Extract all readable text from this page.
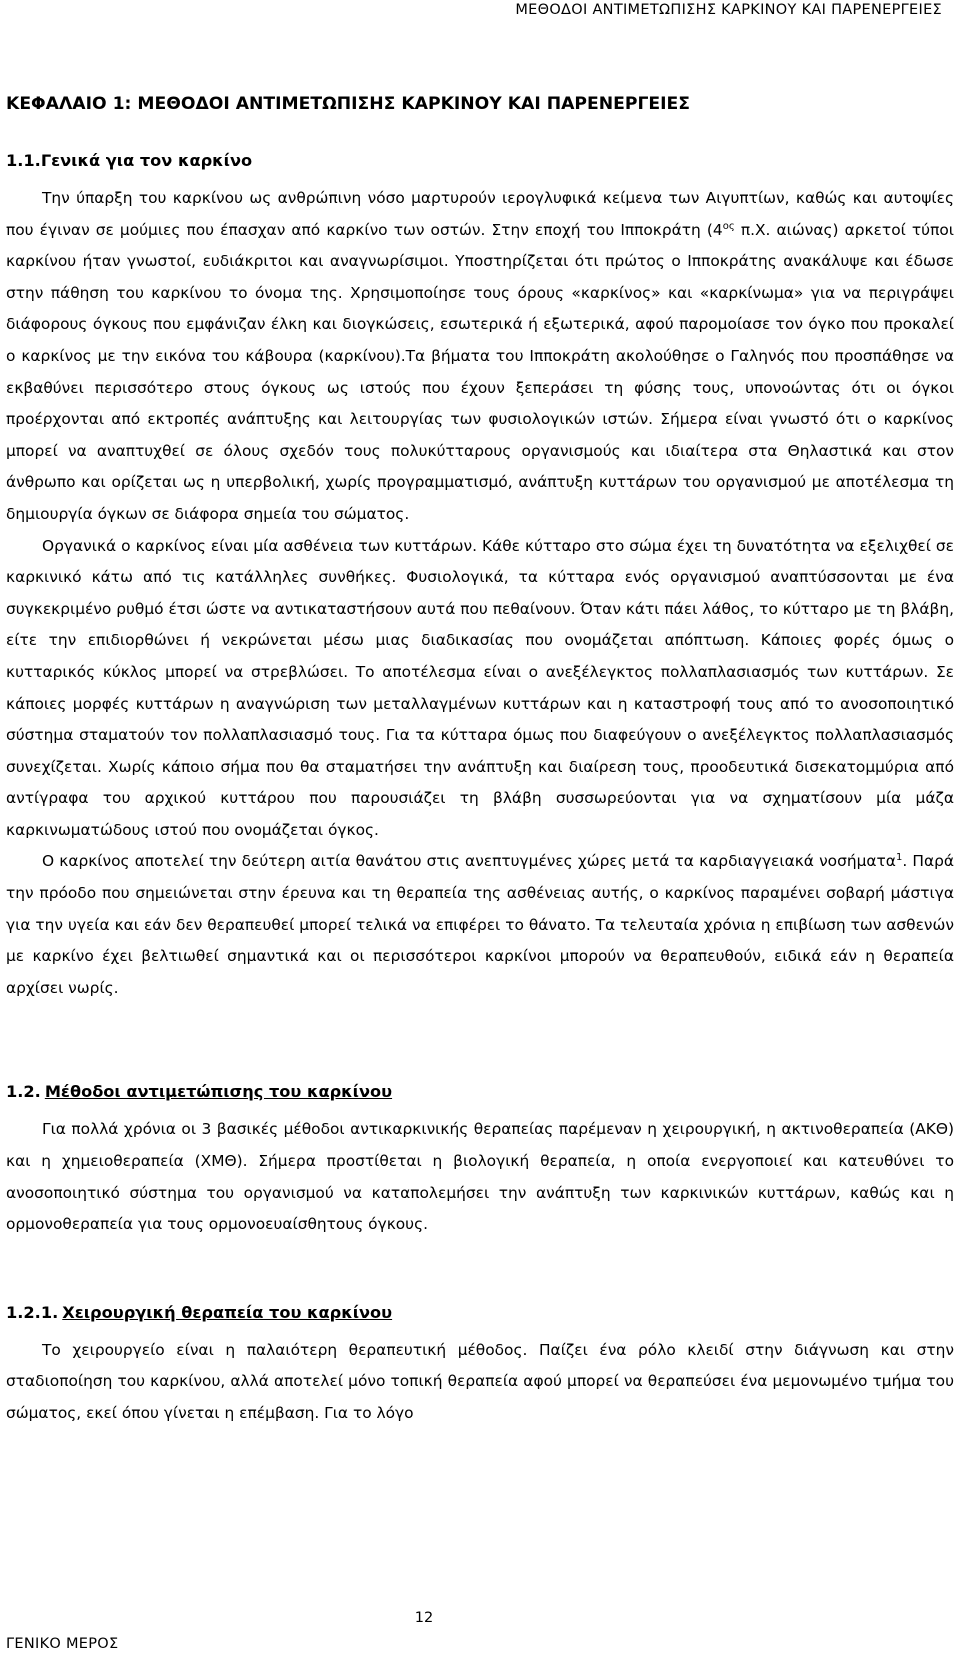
ΜΕΘΟΔΟΙ ΑΝΤΙΜΕΤΩΠΙΣΗΣ ΚΑΡΚΙΝΟΥ ΚΑΙ ΠΑΡΕΝΕΡΓΕΙΕΣ
ΚΕΦΑΛΑΙΟ 1: ΜΕΘΟΔΟΙ ΑΝΤΙΜΕΤΩΠΙΣΗΣ ΚΑΡΚΙΝΟΥ ΚΑΙ ΠΑΡΕΝΕΡΓΕΙΕΣ
1.1.Γενικά για τον καρκίνο

Την ύπαρξη του καρκίνου ως ανθρώπινη νόσο μαρτυρούν ιερογλυφικά κείμενα των Αιγυπτίων, καθώς και αυτοψίες που έγιναν σε μούμιες που έπασχαν από καρκίνο των οστών. Στην εποχή του Ιπποκράτη ($4^{o\varsigma}$ π.Χ. αιώνας) αρκετοί τύποι καρκίνου ήταν γνωστοί, ευδιάκριτοι και αναγνωρίσιμοι. Υποστηρίζεται ότι πρώτος ο Ιπποκράτης ανακάλυψε και έδωσε στην πάθηση του καρκίνου το όνομα της. Χρησιμοποίησε τους όρους «καρκίνος» και «καρκίνωμα» για να περιγράψει διάφορους όγκους που εμφάνιζαν έλκη και διογκώσεις, εσωτερικά ή εξωτερικά, αφού παρομοίασε τον όγκο που προκαλεί ο καρκίνος με την εικόνα του κάβουρα (καρκίνου).Τα βήματα του Ιπποκράτη ακολούθησε ο Γαληνός που προσπάθησε να εκβαθύνει περισσότερο στους όγκους ως ιστούς που έχουν ξεπεράσει τη φύσης τους, υπονοώντας ότι οι όγκοι προέρχονται από εκτροπές ανάπτυξης και λειτουργίας των φυσιολογικών ιστών. Σήμερα είναι γνωστό ότι ο καρκίνος μπορεί να αναπτυχθεί σε όλους σχεδόν τους πολυκύτταρους οργανισμούς και ιδιαίτερα στα Θηλαστικά και στον άνθρωπο και ορίζεται ως η υπερβολική, χωρίς προγραμματισμό, ανάπτυξη κυττάρων του οργανισμού με αποτέλεσμα τη δημιουργία όγκων σε διάφορα σημεία του σώματος.

Οργανικά ο καρκίνος είναι μία ασθένεια των κυττάρων. Κάθε κύτταρο στο σώμα έχει τη δυνατότητα να εξελιχθεί σε καρκινικό κάτω από τις κατάλληλες συνθήκες. Φυσιολογικά, τα κύτταρα ενός οργανισμού αναπτύσσονται με ένα συγκεκριμένο ρυθμό έτσι ώστε να αντικαταστήσουν αυτά που πεθαίνουν. Όταν κάτι πάει λάθος, το κύτταρο με τη βλάβη, είτε την επιδιορθώνει ή νεκρώνεται μέσω μιας διαδικασίας που ονομάζεται απόπτωση. Κάποιες φορές όμως ο κυτταρικός κύκλος μπορεί να στρεβλώσει. Το αποτέλεσμα είναι ο ανεξέλεγκτος πολλαπλασιασμός των κυττάρων. Σε κάποιες μορφές κυττάρων η αναγνώριση των μεταλλαγμένων κυττάρων και η καταστροφή τους από το ανοσοποιητικό σύστημα σταματούν τον πολλαπλασιασμό τους. Για τα κύτταρα όμως που διαφεύγουν ο ανεξέλεγκτος πολλαπλασιασμός συνεχίζεται. Χωρίς κάποιο σήμα που θα σταματήσει την ανάπτυξη και διαίρεση τους, προοδευτικά δισεκατομμύρια από αντίγραφα του αρχικού κυττάρου που παρουσιάζει τη βλάβη συσσωρεύονται για να σχηματίσουν μία μάζα καρκινωματώδους ιστού που ονομάζεται όγκος.

Ο καρκίνος αποτελεί την δεύτερη αιτία θανάτου στις ανεπτυγμένες χώρες μετά τα καρδιαγγειακά νοσήματα$^1$. Παρά την πρόοδο που σημειώνεται στην έρευνα και τη θεραπεία της ασθένειας αυτής, ο καρκίνος παραμένει σοβαρή μάστιγα για την υγεία και εάν δεν θεραπευθεί μπορεί τελικά να επιφέρει το θάνατο. Τα τελευταία χρόνια η επιβίωση των ασθενών με καρκίνο έχει βελτιωθεί σημαντικά και οι περισσότεροι καρκίνοι μπορούν να θεραπευθούν, ειδικά εάν η θεραπεία αρχίσει νωρίς.

1.2. Μέθοδοι αντιμετώπισης του καρκίνου

Για πολλά χρόνια οι 3 βασικές μέθοδοι αντικαρκινικής θεραπείας παρέμεναν η χειρουργική, η ακτινοθεραπεία (ΑΚΘ) και η χημειοθεραπεία (ΧΜΘ). Σήμερα προστίθεται η βιολογική θεραπεία, η οποία ενεργοποιεί και κατευθύνει το ανοσοποιητικό σύστημα του οργανισμού να καταπολεμήσει την ανάπτυξη των καρκινικών κυττάρων, καθώς και η ορμονοθεραπεία για τους ορμονοευαίσθητους όγκους.

1.2.1. Χειρουργική θεραπεία του καρκίνου

Το χειρουργείο είναι η παλαιότερη θεραπευτική μέθοδος. Παίζει ένα ρόλο κλειδί στην διάγνωση και στην σταδιοποίηση του καρκίνου, αλλά αποτελεί μόνο τοπική θεραπεία αφού μπορεί να θεραπεύσει ένα μεμονωμένο τμήμα του σώματος, εκεί όπου γίνεται η επέμβαση. Για το λόγο

12
ΓΕΝΙΚΟ ΜΕΡΟΣ
